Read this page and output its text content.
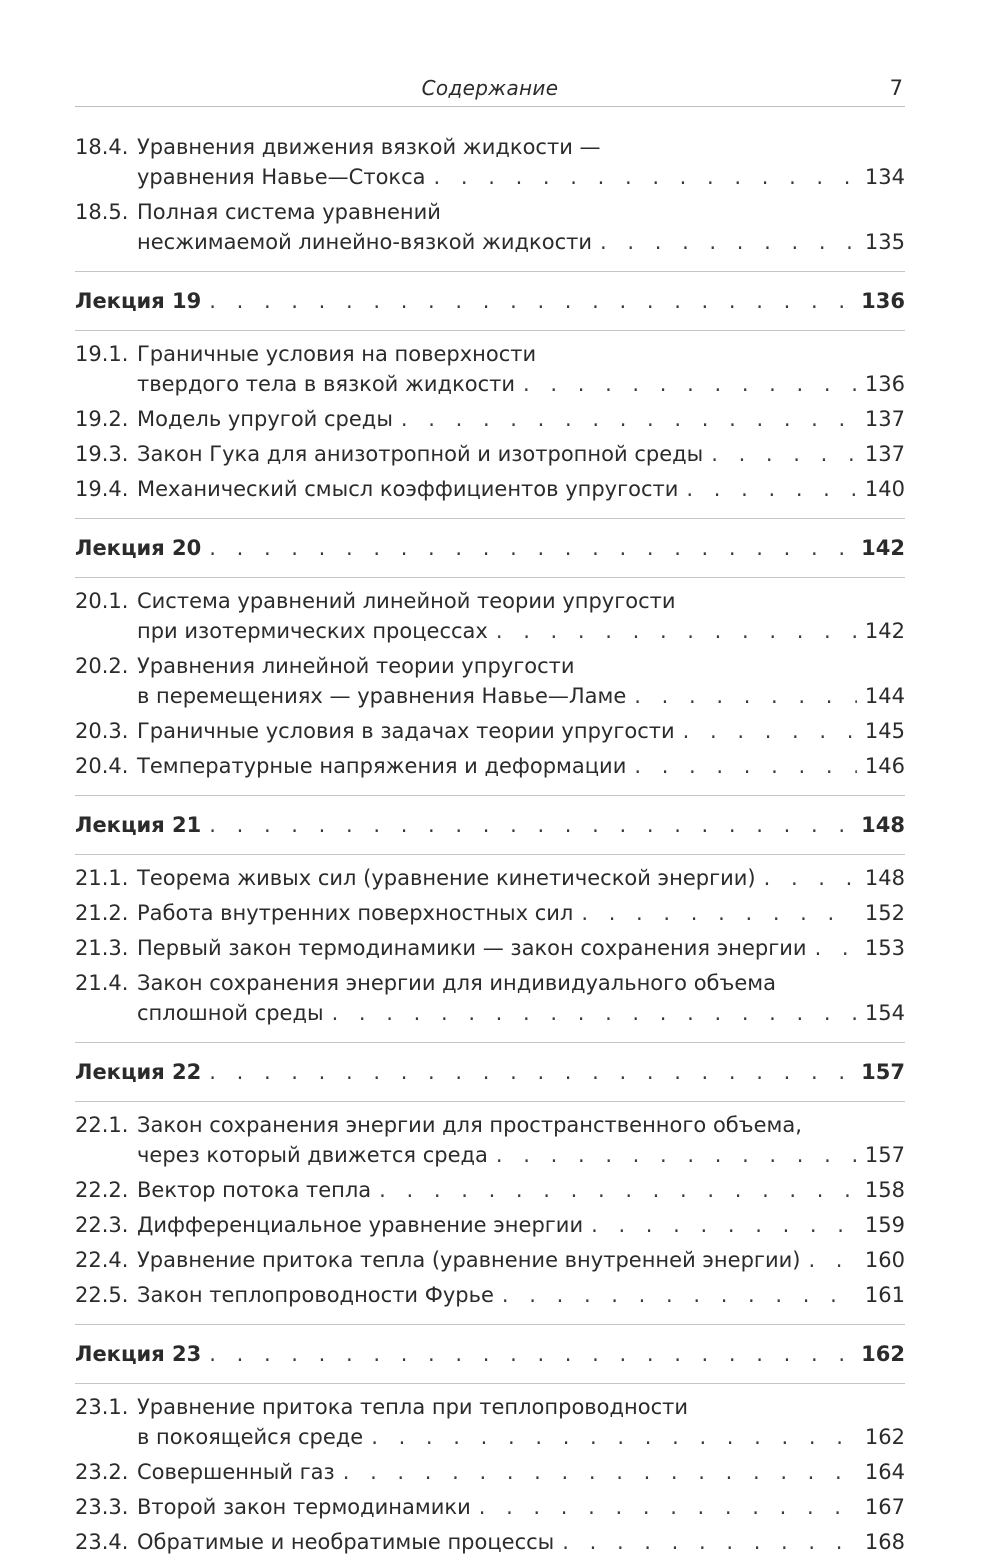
Содержание	7
18.4. Уравнения движения вязкой жидкости —
уравнения Навье—Стокса . . .	134
18.5. Полная система уравнений
несжимаемой линейно-вязкой жидкости . . .	135
Лекция 19 . . .	136
19.1. Граничные условия на поверхности
твердого тела в вязкой жидкости . . .	136
19.2. Модель упругой среды . . .	137
19.3. Закон Гука для анизотропной и изотропной среды . . .	137
19.4. Механический смысл коэффициентов упругости . . .	140
Лекция 20 . . .	142
20.1. Система уравнений линейной теории упругости
при изотермических процессах . . .	142
20.2. Уравнения линейной теории упругости
в перемещениях — уравнения Навье—Ламе . . .	144
20.3. Граничные условия в задачах теории упругости . . .	145
20.4. Температурные напряжения и деформации . . .	146
Лекция 21 . . .	148
21.1. Теорема живых сил (уравнение кинетической энергии) . . .	148
21.2. Работа внутренних поверхностных сил . . .	152
21.3. Первый закон термодинамики — закон сохранения энергии . . .	153
21.4. Закон сохранения энергии для индивидуального объема
сплошной среды . . .	154
Лекция 22 . . .	157
22.1. Закон сохранения энергии для пространственного объема,
через который движется среда . . .	157
22.2. Вектор потока тепла . . .	158
22.3. Дифференциальное уравнение энергии . . .	159
22.4. Уравнение притока тепла (уравнение внутренней энергии) . . .	160
22.5. Закон теплопроводности Фурье . . .	161
Лекция 23 . . .	162
23.1. Уравнение притока тепла при теплопроводности
в покоящейся среде . . .	162
23.2. Совершенный газ . . .	164
23.3. Второй закон термодинамики . . .	167
23.4. Обратимые и необратимые процессы . . .	168
